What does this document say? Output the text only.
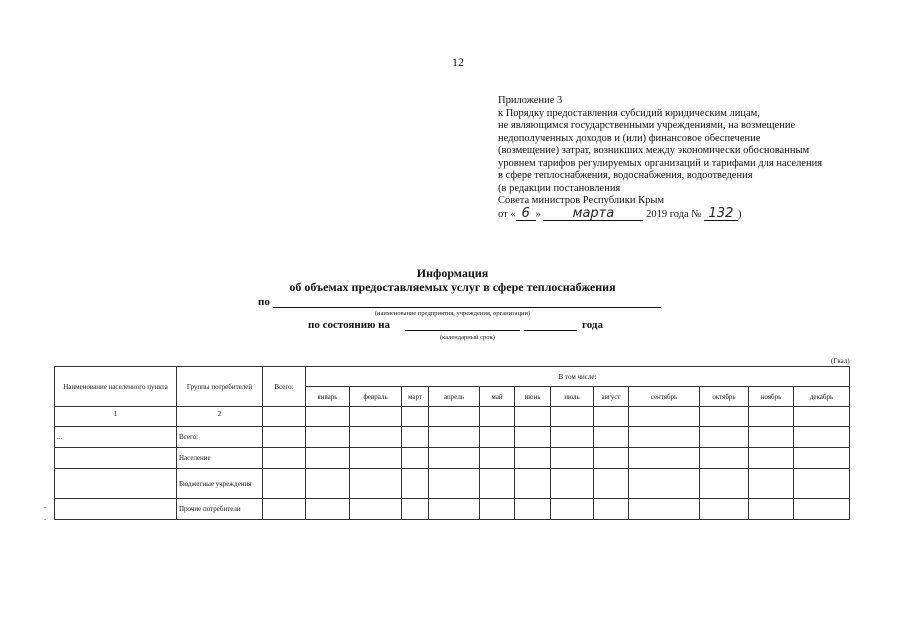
12
Приложение 3
к Порядку предоставления субсидий юридическим лицам,
не являющимся государственными учреждениями, на возмещение
недополученных доходов и (или) финансовое обеспечение
(возмещение) затрат, возникших между экономически обоснованным
уровнем тарифов регулируемых организаций и тарифами для населения
в сфере теплоснабжения, водоснабжения, водоотведения
(в редакции постановления
Совета министров Республики Крым
от « 6 » марта	2019 года № 132 )
Информация
об объемах предоставляемых услуг в сфере теплоснабжения
по
(наименование предприятия, учреждения, организации)
по состоянию на	года
(календарный срок)
(Гкал)
Наименование населенного пункта	Группы потребителей	Всего:	В том числе:											
			январь	февраль	март	апрель	май	июнь	июль	август	сентябрь	октябрь	ноябрь	декабрь
1	2													
...	Всего:													
	Население													
	Бюджетные учреждения													
	Прочие потребители													
-
-
